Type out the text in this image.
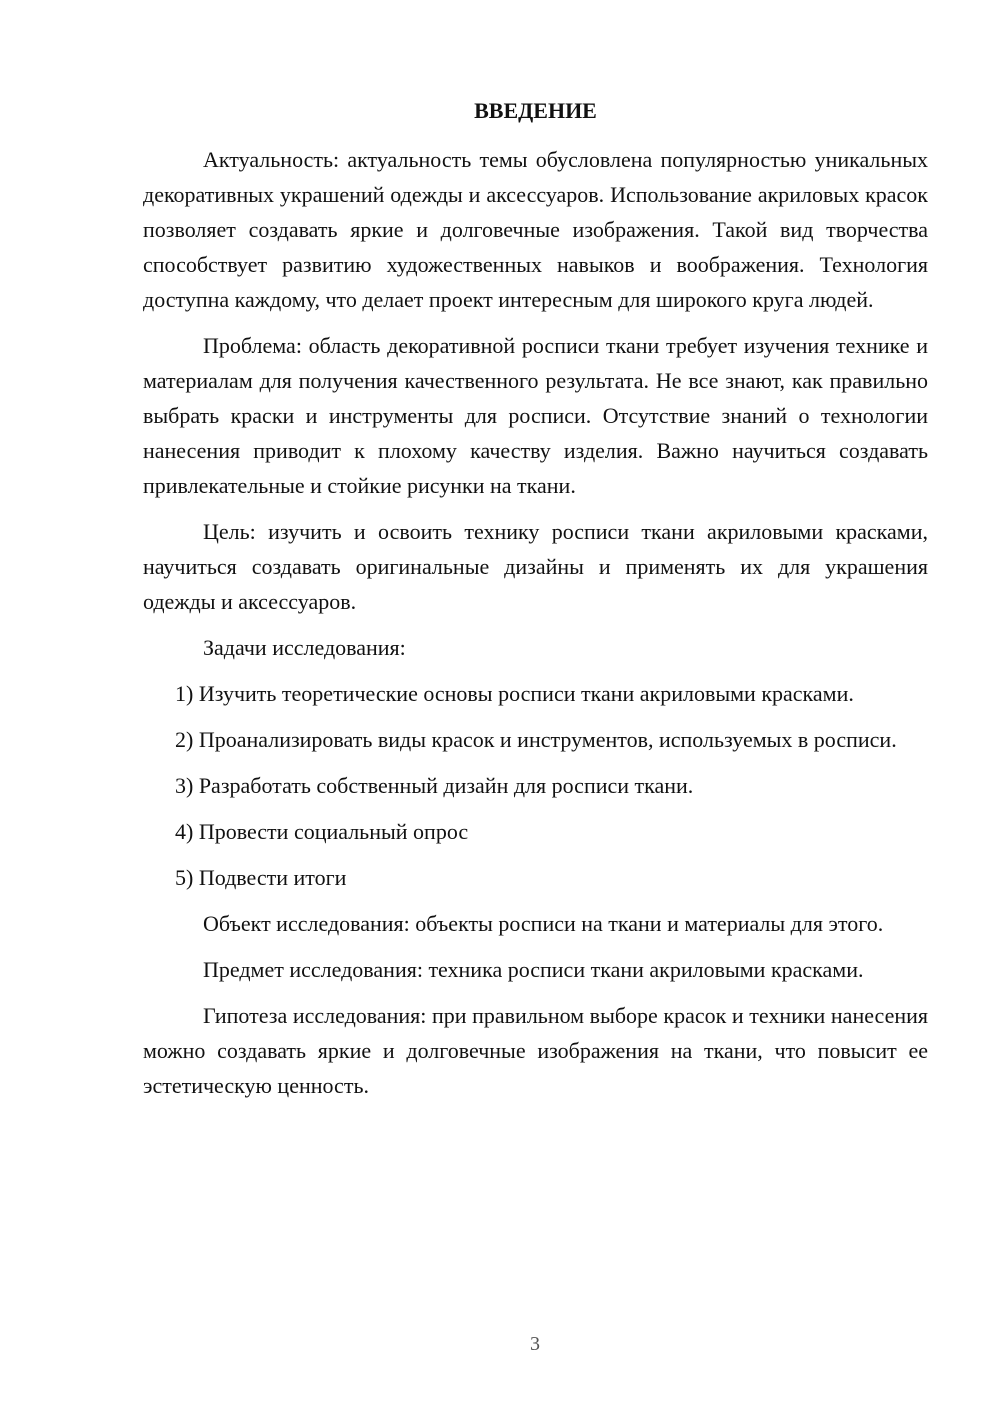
ВВЕДЕНИЕ

Актуальность: актуальность темы обусловлена популярностью уникальных декоративных украшений одежды и аксессуаров. Использование акриловых красок позволяет создавать яркие и долговечные изображения. Такой вид творчества способствует развитию художественных навыков и воображения. Технология доступна каждому, что делает проект интересным для широкого круга людей.

Проблема: область декоративной росписи ткани требует изучения технике и материалам для получения качественного результата. Не все знают, как правильно выбрать краски и инструменты для росписи. Отсутствие знаний о технологии нанесения приводит к плохому качеству изделия. Важно научиться создавать привлекательные и стойкие рисунки на ткани.

Цель: изучить и освоить технику росписи ткани акриловыми красками, научиться создавать оригинальные дизайны и применять их для украшения одежды и аксессуаров.

Задачи исследования:

1) Изучить теоретические основы росписи ткани акриловыми красками.

2) Проанализировать виды красок и инструментов, используемых в росписи.

3) Разработать собственный дизайн для росписи ткани.

4) Провести социальный опрос

5) Подвести итоги

Объект исследования: объекты росписи на ткани и материалы для этого.

Предмет исследования: техника росписи ткани акриловыми красками.

Гипотеза исследования: при правильном выборе красок и техники нанесения можно создавать яркие и долговечные изображения на ткани, что повысит ее эстетическую ценность.

3
